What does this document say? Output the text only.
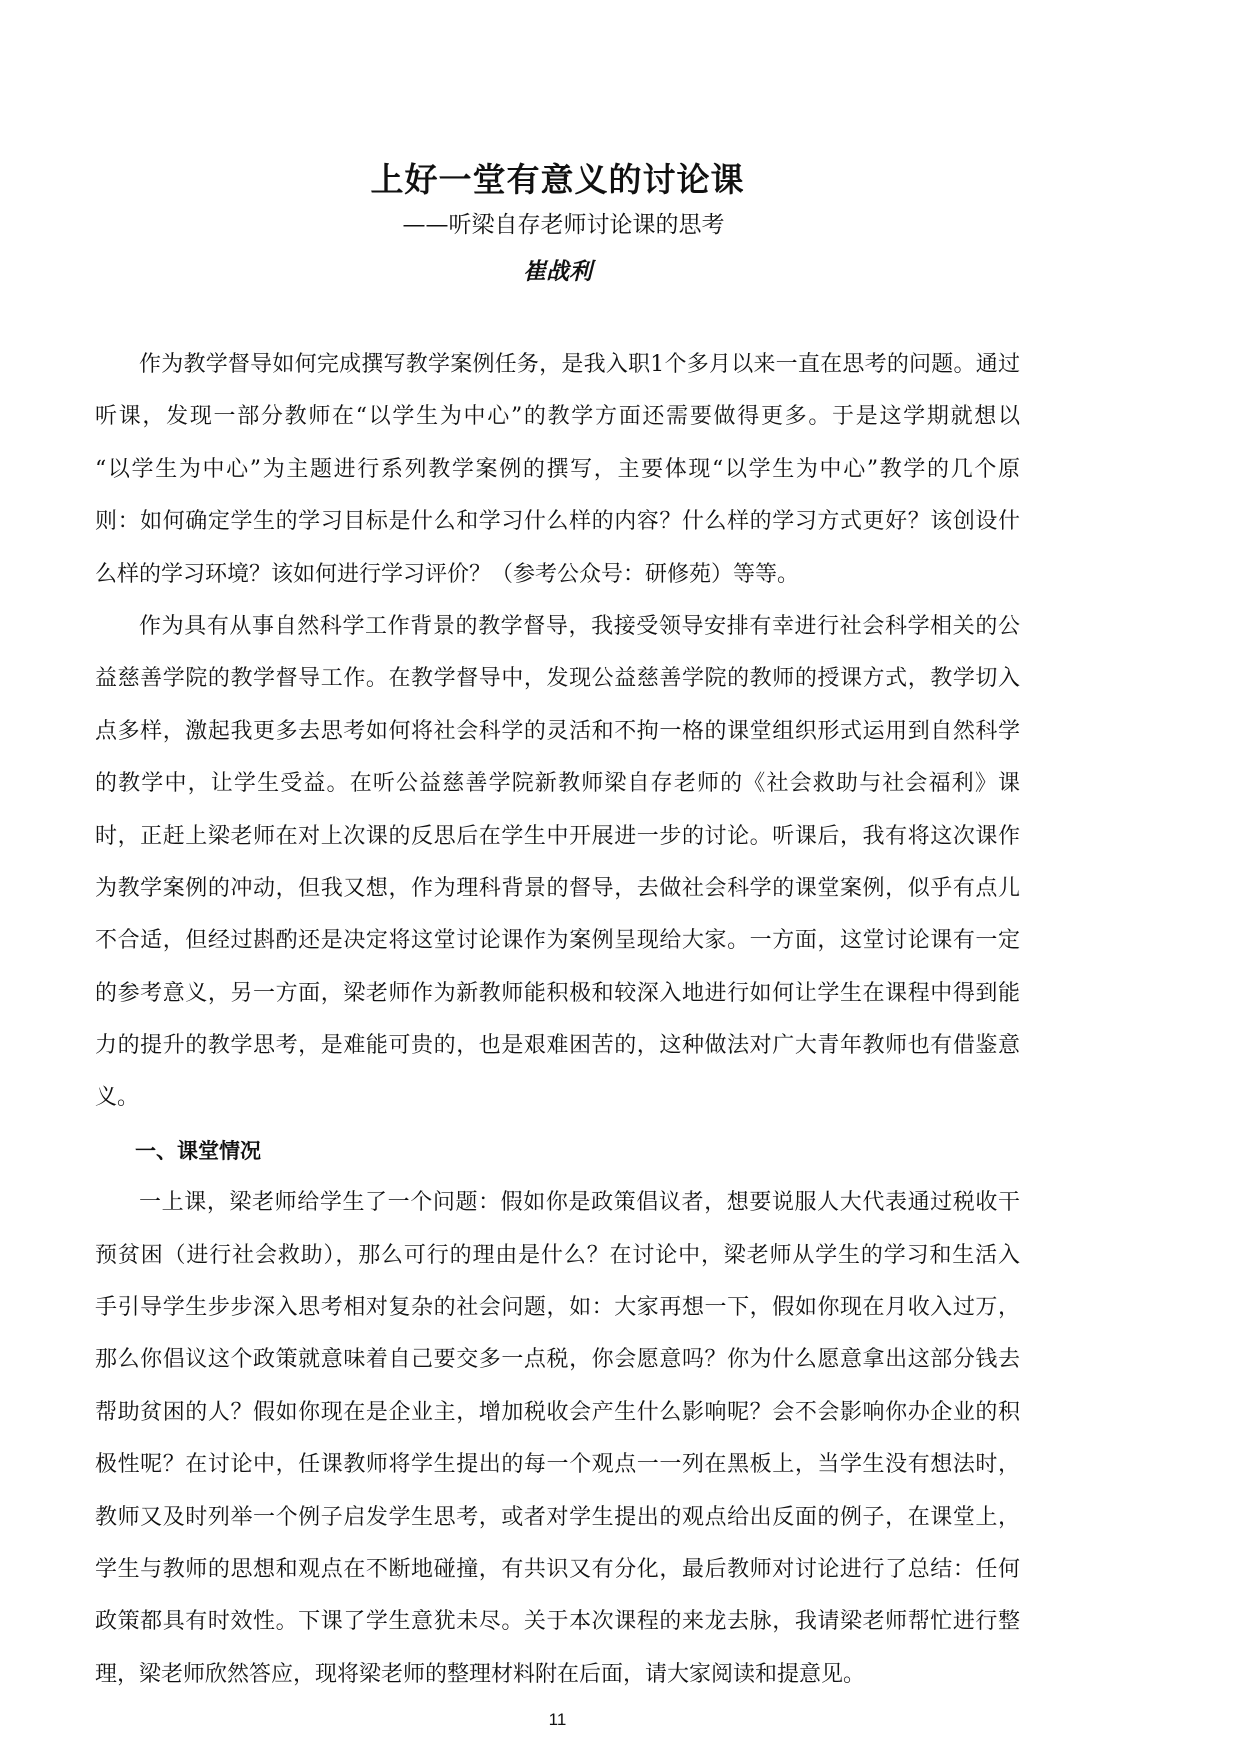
上好一堂有意义的讨论课
——听梁自存老师讨论课的思考
崔战利
作为教学督导如何完成撰写教学案例任务，是我入职1个多月以来一直在思考的问题。通过
听课，发现一部分教师在“以学生为中心”的教学方面还需要做得更多。于是这学期就想以
“以学生为中心”为主题进行系列教学案例的撰写，主要体现“以学生为中心”教学的几个原
则：如何确定学生的学习目标是什么和学习什么样的内容？什么样的学习方式更好？该创设什
么样的学习环境？该如何进行学习评价？（参考公众号：研修苑）等等。
作为具有从事自然科学工作背景的教学督导，我接受领导安排有幸进行社会科学相关的公
益慈善学院的教学督导工作。在教学督导中，发现公益慈善学院的教师的授课方式，教学切入
点多样，激起我更多去思考如何将社会科学的灵活和不拘一格的课堂组织形式运用到自然科学
的教学中，让学生受益。在听公益慈善学院新教师梁自存老师的《社会救助与社会福利》课
时，正赶上梁老师在对上次课的反思后在学生中开展进一步的讨论。听课后，我有将这次课作
为教学案例的冲动，但我又想，作为理科背景的督导，去做社会科学的课堂案例，似乎有点儿
不合适，但经过斟酌还是决定将这堂讨论课作为案例呈现给大家。一方面，这堂讨论课有一定
的参考意义，另一方面，梁老师作为新教师能积极和较深入地进行如何让学生在课程中得到能
力的提升的教学思考，是难能可贵的，也是艰难困苦的，这种做法对广大青年教师也有借鉴意
义。
一、课堂情况
一上课，梁老师给学生了一个问题：假如你是政策倡议者，想要说服人大代表通过税收干
预贫困（进行社会救助），那么可行的理由是什么？在讨论中，梁老师从学生的学习和生活入
手引导学生步步深入思考相对复杂的社会问题，如：大家再想一下，假如你现在月收入过万，
那么你倡议这个政策就意味着自己要交多一点税，你会愿意吗？你为什么愿意拿出这部分钱去
帮助贫困的人？假如你现在是企业主，增加税收会产生什么影响呢？会不会影响你办企业的积
极性呢？在讨论中，任课教师将学生提出的每一个观点一一列在黑板上，当学生没有想法时，
教师又及时列举一个例子启发学生思考，或者对学生提出的观点给出反面的例子，在课堂上，
学生与教师的思想和观点在不断地碰撞，有共识又有分化，最后教师对讨论进行了总结：任何
政策都具有时效性。下课了学生意犹未尽。关于本次课程的来龙去脉，我请梁老师帮忙进行整
理，梁老师欣然答应，现将梁老师的整理材料附在后面，请大家阅读和提意见。
11
